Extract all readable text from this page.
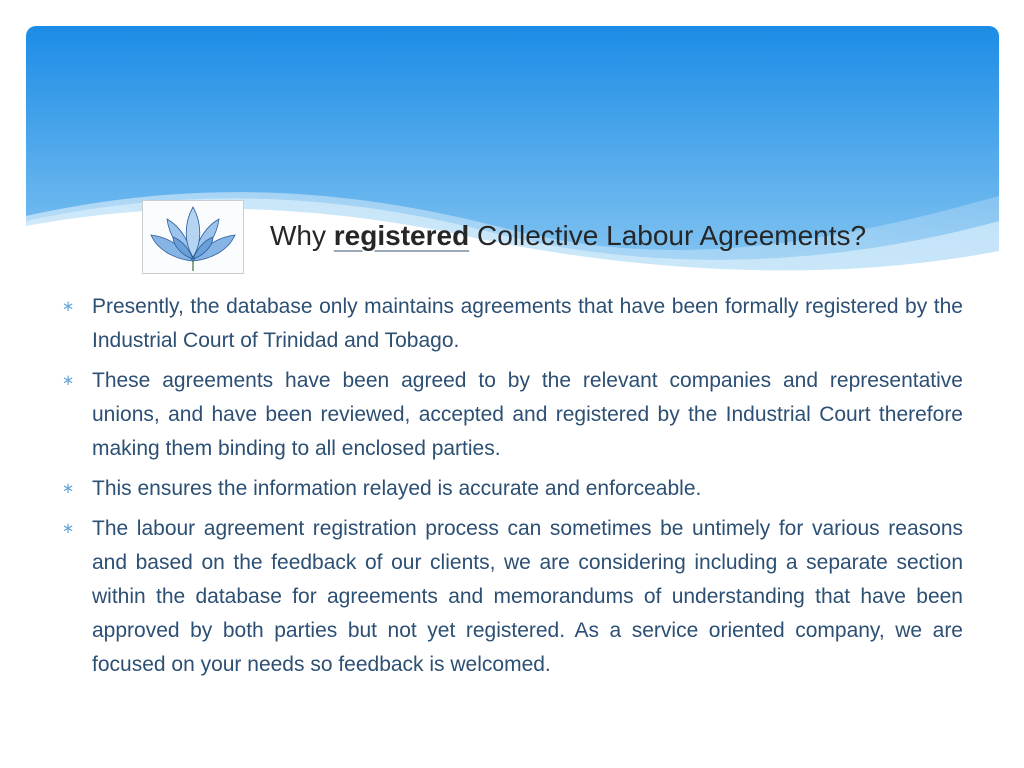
Why registered Collective Labour Agreements?
∗ Presently, the database only maintains agreements that have been formally registered by the Industrial Court of Trinidad and Tobago.
∗ These agreements have been agreed to by the relevant companies and representative unions, and have been reviewed, accepted and registered by the Industrial Court therefore making them binding to all enclosed parties.
∗ This ensures the information relayed is accurate and enforceable.
∗ The labour agreement registration process can sometimes be untimely for various reasons and based on the feedback of our clients, we are considering including a separate section within the database for agreements and memorandums of understanding that have been approved by both parties but not yet registered. As a service oriented company, we are focused on your needs so feedback is welcomed.
